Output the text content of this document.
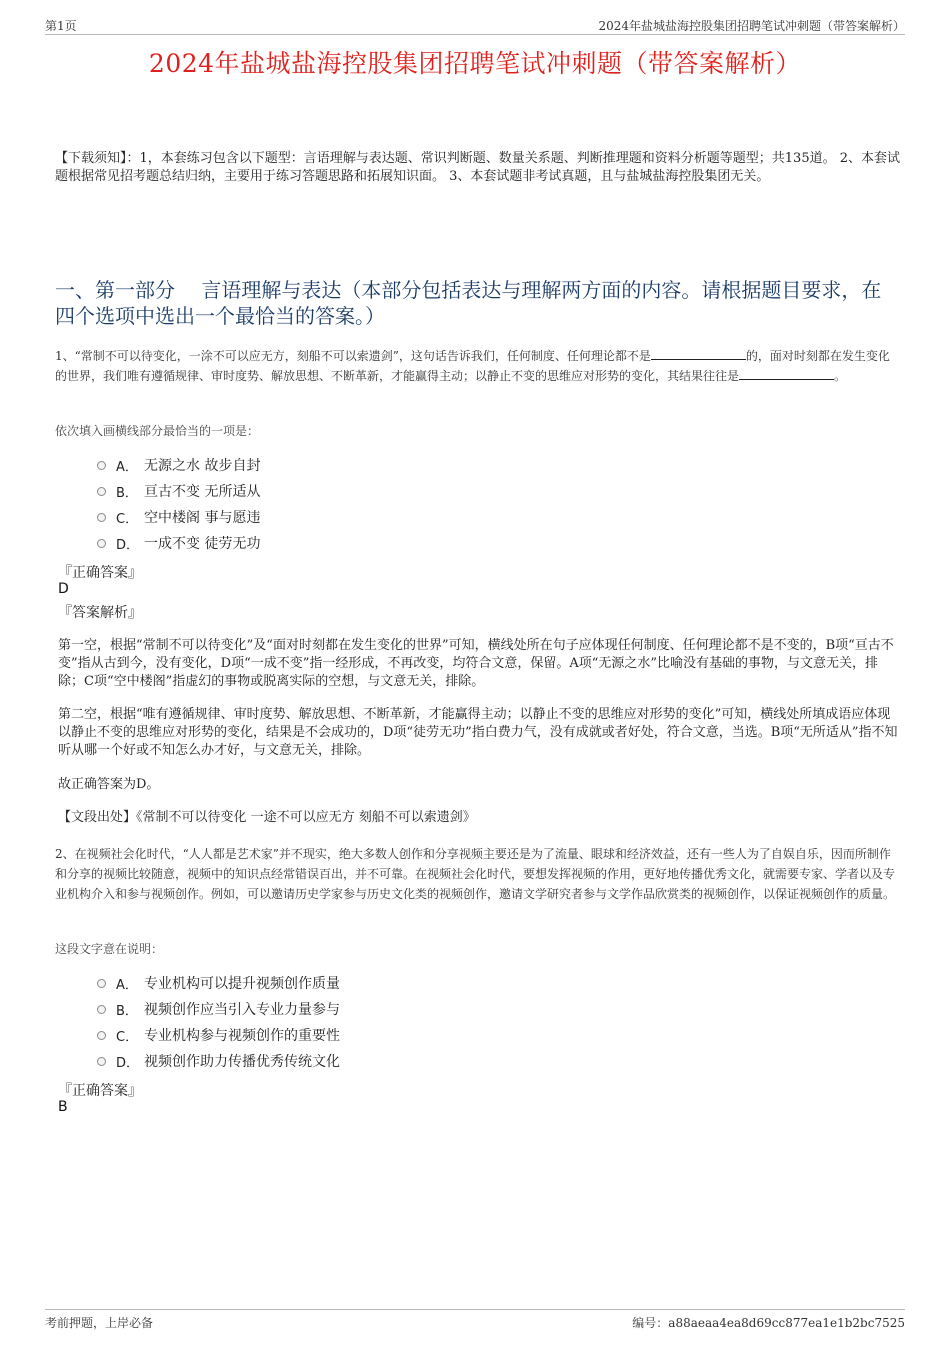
第1页	2024年盐城盐海控股集团招聘笔试冲刺题（带答案解析）
2024年盐城盐海控股集团招聘笔试冲刺题（带答案解析）
【下载须知】：1，本套练习包含以下题型：言语理解与表达题、常识判断题、数量关系题、判断推理题和资料分析题等题型；共135道。 2、本套试题根据常见招考题总结归纳，主要用于练习答题思路和拓展知识面。 3、本套试题非考试真题，且与盐城盐海控股集团无关。
一、第一部分　 言语理解与表达（本部分包括表达与理解两方面的内容。请根据题目要求，在四个选项中选出一个最恰当的答案。）
1、“常制不可以待变化，一涂不可以应无方，刻船不可以索遗剑”，这句话告诉我们，任何制度、任何理论都不是	的，面对时刻都在发生变化的世界，我们唯有遵循规律、审时度势、解放思想、不断革新，才能赢得主动；以静止不变的思维应对形势的变化，其结果往往是	。
依次填入画横线部分最恰当的一项是：
A． 无源之水 故步自封
B． 亘古不变 无所适从
C． 空中楼阁 事与愿违
D． 一成不变 徒劳无功
『正确答案』
D
『答案解析』
第一空，根据“常制不可以待变化”及“面对时刻都在发生变化的世界”可知，横线处所在句子应体现任何制度、任何理论都不是不变的，B项“亘古不变”指从古到今，没有变化，D项“一成不变”指一经形成，不再改变，均符合文意，保留。A项“无源之水”比喻没有基础的事物，与文意无关，排除；C项“空中楼阁”指虚幻的事物或脱离实际的空想，与文意无关，排除。
第二空，根据“唯有遵循规律、审时度势、解放思想、不断革新，才能赢得主动；以静止不变的思维应对形势的变化”可知，横线处所填成语应体现以静止不变的思维应对形势的变化，结果是不会成功的，D项“徒劳无功”指白费力气，没有成就或者好处，符合文意，当选。B项“无所适从”指不知听从哪一个好或不知怎么办才好，与文意无关，排除。
故正确答案为D。
【文段出处】《常制不可以待变化 一途不可以应无方 刻船不可以索遗剑》
2、在视频社会化时代，“人人都是艺术家”并不现实，绝大多数人创作和分享视频主要还是为了流量、眼球和经济效益，还有一些人为了自娱自乐，因而所制作和分享的视频比较随意，视频中的知识点经常错误百出，并不可靠。在视频社会化时代，要想发挥视频的作用，更好地传播优秀文化，就需要专家、学者以及专业机构介入和参与视频创作。例如，可以邀请历史学家参与历史文化类的视频创作，邀请文学研究者参与文学作品欣赏类的视频创作，以保证视频创作的质量。
这段文字意在说明：
A． 专业机构可以提升视频创作质量
B． 视频创作应当引入专业力量参与
C． 专业机构参与视频创作的重要性
D． 视频创作助力传播优秀传统文化
『正确答案』
B
考前押题，上岸必备	编号：a88aeaa4ea8d69cc877ea1e1b2bc7525
